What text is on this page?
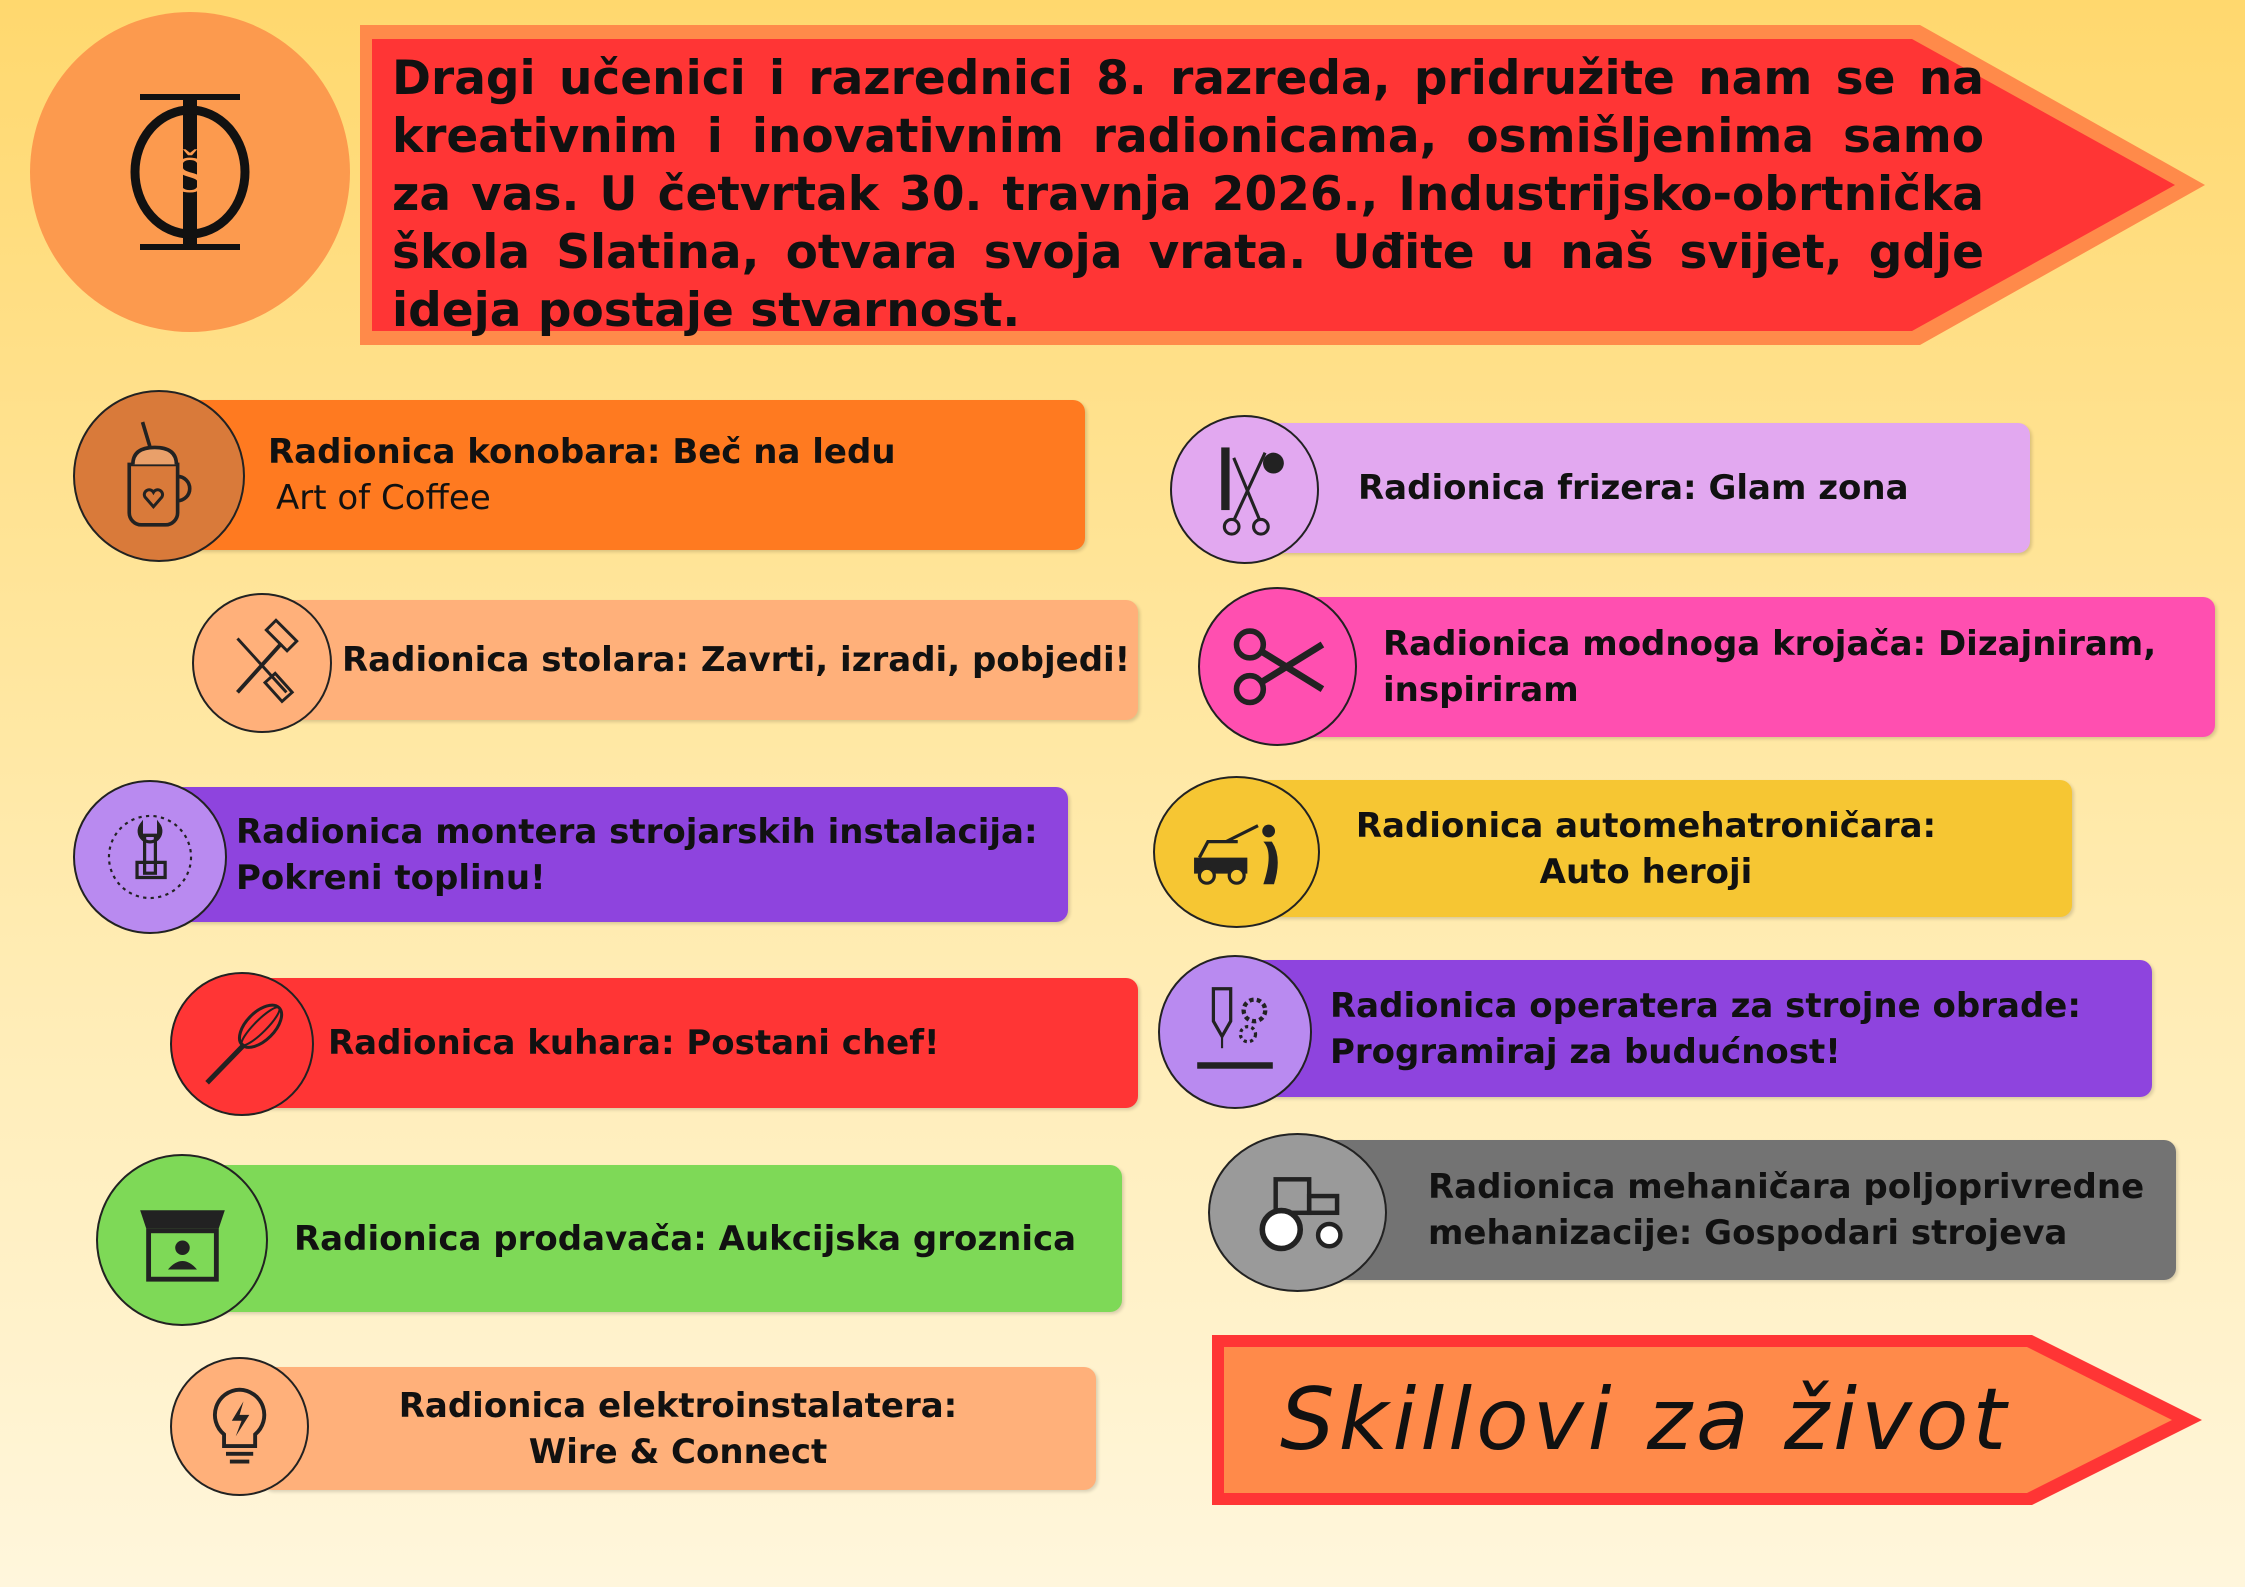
Š
Dragi učenici i razrednici 8. razreda, pridružite nam se na kreativnim i inovativnim radionicama, osmišljenima samo za vas. U četvrtak 30. travnja 2026., Industrijsko-obrtnička škola Slatina, otvara svoja vrata. Uđite u naš svijet, gdje ideja postaje stvarnost.
Radionica konobara: Beč na ledu
Art of Coffee
Radionica stolara: Zavrti, izradi, pobjedi!
Radionica montera strojarskih instalacija:
Pokreni toplinu!
Radionica kuhara: Postani chef!
Radionica prodavača: Aukcijska groznica
Radionica elektroinstalatera:
Wire & Connect
Radionica frizera: Glam zona
Radionica modnoga krojača: Dizajniram,
inspiriram
Radionica automehatroničara:
Auto heroji
Radionica operatera za strojne obrade:
Programiraj za budućnost!
Radionica mehaničara poljoprivredne
mehanizacije: Gospodari strojeva
Skillovi za život
